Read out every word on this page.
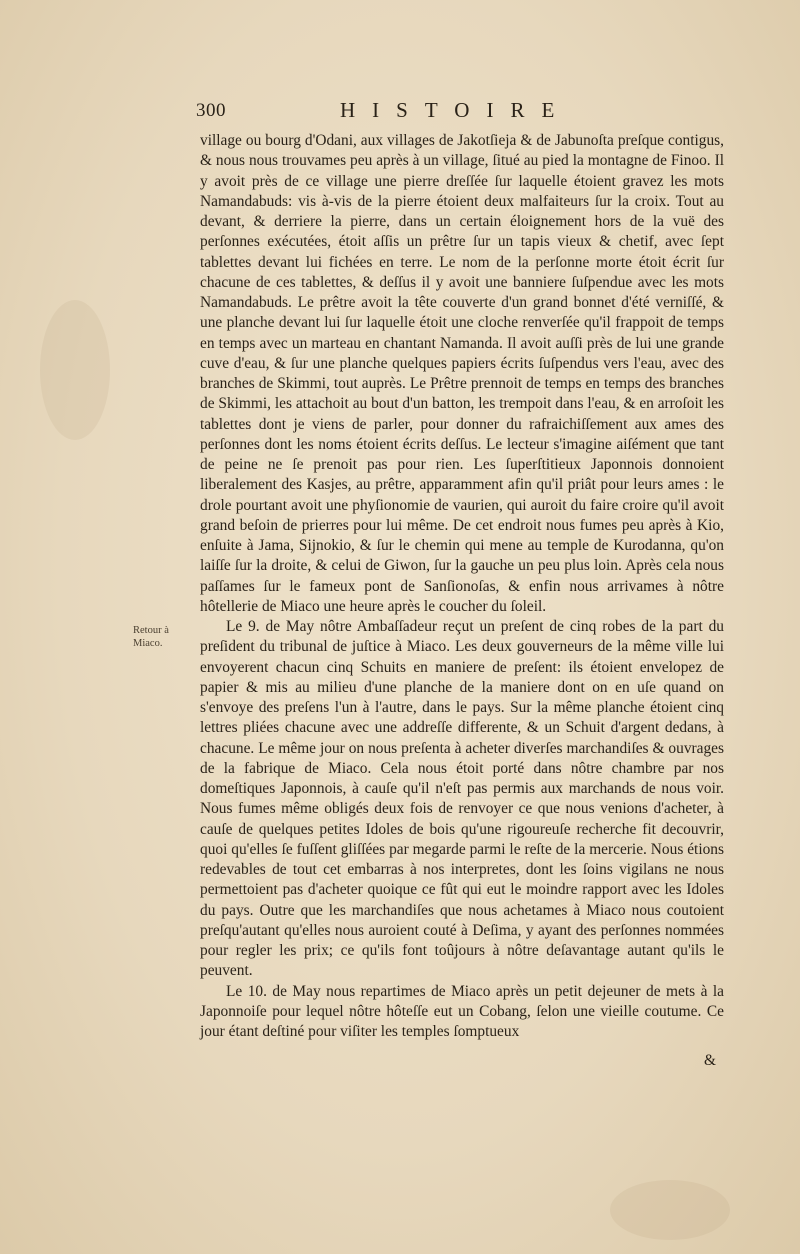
300	HISTOIRE
Retour à Miaco.

village ou bourg d'Odani, aux villages de Jakotſieja & de Jabunoſta preſque contigus, & nous nous trouvames peu après à un village, ſitué au pied la montagne de Finoo. Il y avoit près de ce village une pierre dreſſée ſur laquelle étoient gravez les mots Namandabuds: vis à-vis de la pierre étoient deux malfaiteurs ſur la croix. Tout au devant, & derriere la pierre, dans un certain éloignement hors de la vuë des perſonnes exécutées, étoit aſſis un prêtre ſur un tapis vieux & chetif, avec ſept tablettes devant lui fichées en terre. Le nom de la perſonne morte étoit écrit ſur chacune de ces tablettes, & deſſus il y avoit une banniere ſuſpendue avec les mots Namandabuds. Le prêtre avoit la tête couverte d'un grand bonnet d'été verniſſé, & une planche devant lui ſur laquelle étoit une cloche renverſée qu'il frappoit de temps en temps avec un marteau en chantant Namanda. Il avoit auſſi près de lui une grande cuve d'eau, & ſur une planche quelques papiers écrits ſuſpendus vers l'eau, avec des branches de Skimmi, tout auprès. Le Prêtre prennoit de temps en temps des branches de Skimmi, les attachoit au bout d'un batton, les trempoit dans l'eau, & en arroſoit les tablettes dont je viens de parler, pour donner du rafraichiſſement aux ames des perſonnes dont les noms étoient écrits deſſus. Le lecteur s'imagine aiſément que tant de peine ne ſe prenoit pas pour rien. Les ſuperſtitieux Japonnois donnoient liberalement des Kasjes, au prêtre, apparamment afin qu'il priât pour leurs ames : le drole pourtant avoit une phyſionomie de vaurien, qui auroit du faire croire qu'il avoit grand beſoin de prierres pour lui même. De cet endroit nous fumes peu après à Kio, enſuite à Jama, Sijnokio, & ſur le chemin qui mene au temple de Kurodanna, qu'on laiſſe ſur la droite, & celui de Giwon, ſur la gauche un peu plus loin. Après cela nous paſſames ſur le fameux pont de Sanſionoſas, & enfin nous arrivames à nôtre hôtellerie de Miaco une heure après le coucher du ſoleil.

Le 9. de May nôtre Ambaſſadeur reçut un preſent de cinq robes de la part du preſident du tribunal de juſtice à Miaco. Les deux gouverneurs de la même ville lui envoyerent chacun cinq Schuits en maniere de preſent: ils étoient envelopez de papier & mis au milieu d'une planche de la maniere dont on en uſe quand on s'envoye des preſens l'un à l'autre, dans le pays. Sur la même planche étoient cinq lettres pliées chacune avec une addreſſe differente, & un Schuit d'argent dedans, à chacune. Le même jour on nous preſenta à acheter diverſes marchandiſes & ouvrages de la fabrique de Miaco. Cela nous étoit porté dans nôtre chambre par nos domeſtiques Japonnois, à cauſe qu'il n'eſt pas permis aux marchands de nous voir. Nous fumes même obligés deux fois de renvoyer ce que nous venions d'acheter, à cauſe de quelques petites Idoles de bois qu'une rigoureuſe recherche fit decouvrir, quoi qu'elles ſe fuſſent gliſſées par megarde parmi le reſte de la mercerie. Nous étions redevables de tout cet embarras à nos interpretes, dont les ſoins vigilans ne nous permettoient pas d'acheter quoique ce fût qui eut le moindre rapport avec les Idoles du pays. Outre que les marchandiſes que nous achetames à Miaco nous coutoient preſqu'autant qu'elles nous auroient couté à Deſima, y ayant des perſonnes nommées pour regler les prix; ce qu'ils font toûjours à nôtre deſavantage autant qu'ils le peuvent.

Le 10. de May nous repartimes de Miaco après un petit dejeuner de mets à la Japonnoiſe pour lequel nôtre hôteſſe eut un Cobang, ſelon une vieille coutume. Ce jour étant deſtiné pour viſiter les temples ſomptueux

&
